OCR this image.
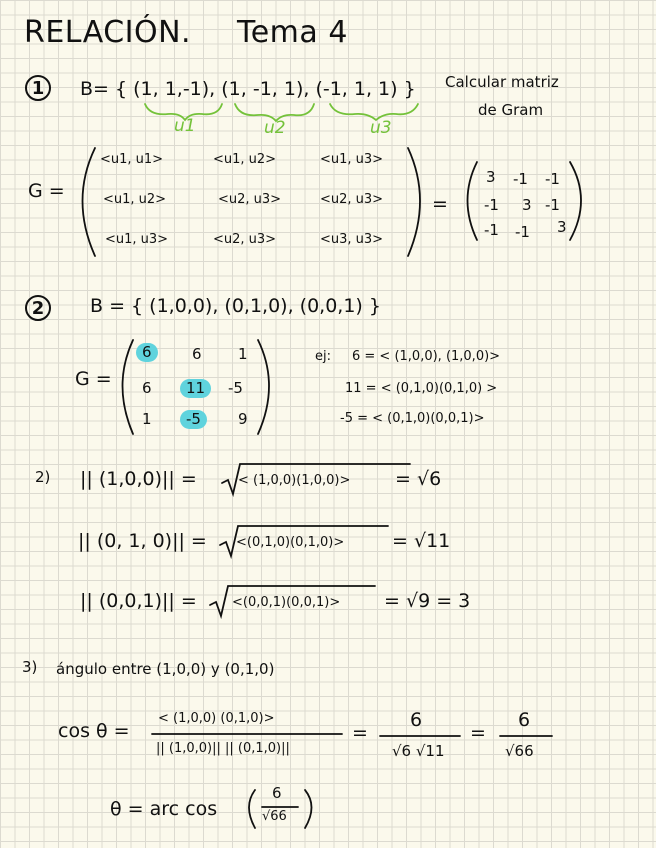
RELACIÓN. Tema 4
1	B= { (1, 1,-1), (1, -1, 1), (-1, 1, 1) }
u1	u2	u3
Calcular matriz
de Gram
G =
<u1, u1>	<u1, u2>	<u1, u3>
<u1, u2>	<u2, u3>	<u2, u3>
<u1, u3>	<u2, u3>	<u3, u3>
=
3 -1 -1
-1 3 -1
-1 -1 3
2	B = { (1,0,0), (0,1,0), (0,0,1) }
G =
6	6 1
6 11 -5
1 -5 9
ej: 6 = < (1,0,0), (1,0,0)>
11 = < (0,1,0)(0,1,0) >
-5 = < (0,1,0)(0,0,1)>
2) || (1,0,0)|| =	< (1,0,0)(1,0,0)> = √6
|| (0, 1, 0)|| = <(0,1,0)(0,1,0)>	= √11
|| (0,0,1)|| =	<(0,0,1)(0,0,1)> = √9 = 3
3) ángulo entre (1,0,0) y (0,1,0)
cos θ =
< (1,0,0) (0,1,0)>
|| (1,0,0)|| || (0,1,0)||
=
6
√6 √11
=
6
√66
θ = arc cos
6
√66
